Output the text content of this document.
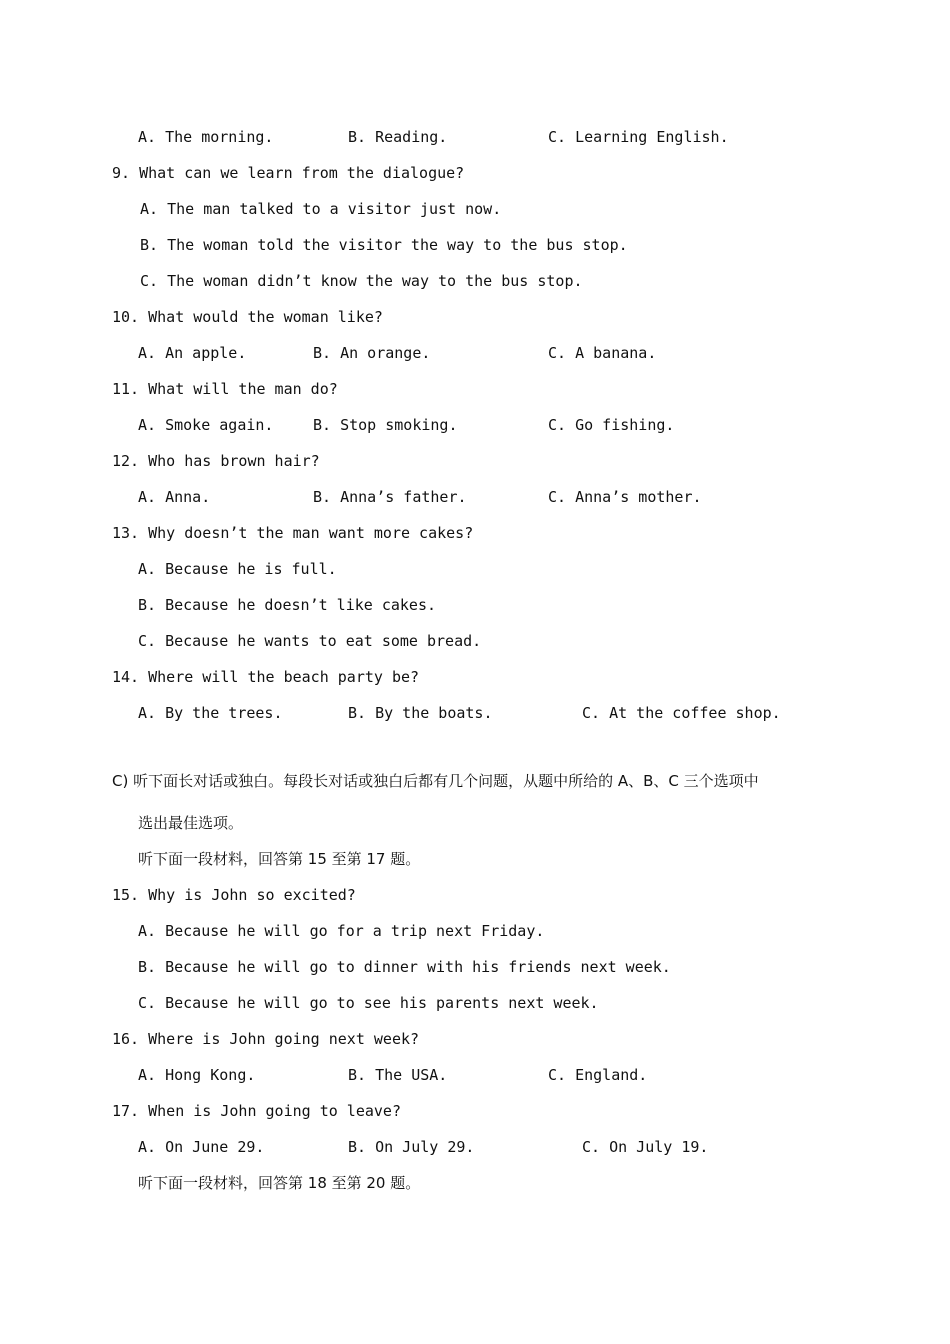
A. The morning.	B. Reading.	C. Learning English.
9. What can we learn from the dialogue?
A. The man talked to a visitor just now.
B. The woman told the visitor the way to the bus stop.
C. The woman didn’t know the way to the bus stop.
10. What would the woman like?
A. An apple.	B. An orange.	C. A banana.
11. What will the man do?
A. Smoke again.	B. Stop smoking.	C. Go fishing.
12. Who has brown hair?
A. Anna.	B. Anna’s father.	C. Anna’s mother.
13. Why doesn’t the man want more cakes?
A. Because he is full.
B. Because he doesn’t like cakes.
C. Because he wants to eat some bread.
14. Where will the beach party be?
A. By the trees.	B. By the boats.	C. At the coffee shop.
C) 听下面长对话或独白。每段长对话或独白后都有几个问题，从题中所给的 A、B、C 三个选项中
选出最佳选项。
听下面一段材料，回答第 15 至第 17 题。
15. Why is John so excited?
A. Because he will go for a trip next Friday.
B. Because he will go to dinner with his friends next week.
C. Because he will go to see his parents next week.
16. Where is John going next week?
A. Hong Kong.	B. The USA.	C. England.
17. When is John going to leave?
A. On June 29.	B. On July 29.	C. On July 19.
听下面一段材料，回答第 18 至第 20 题。
